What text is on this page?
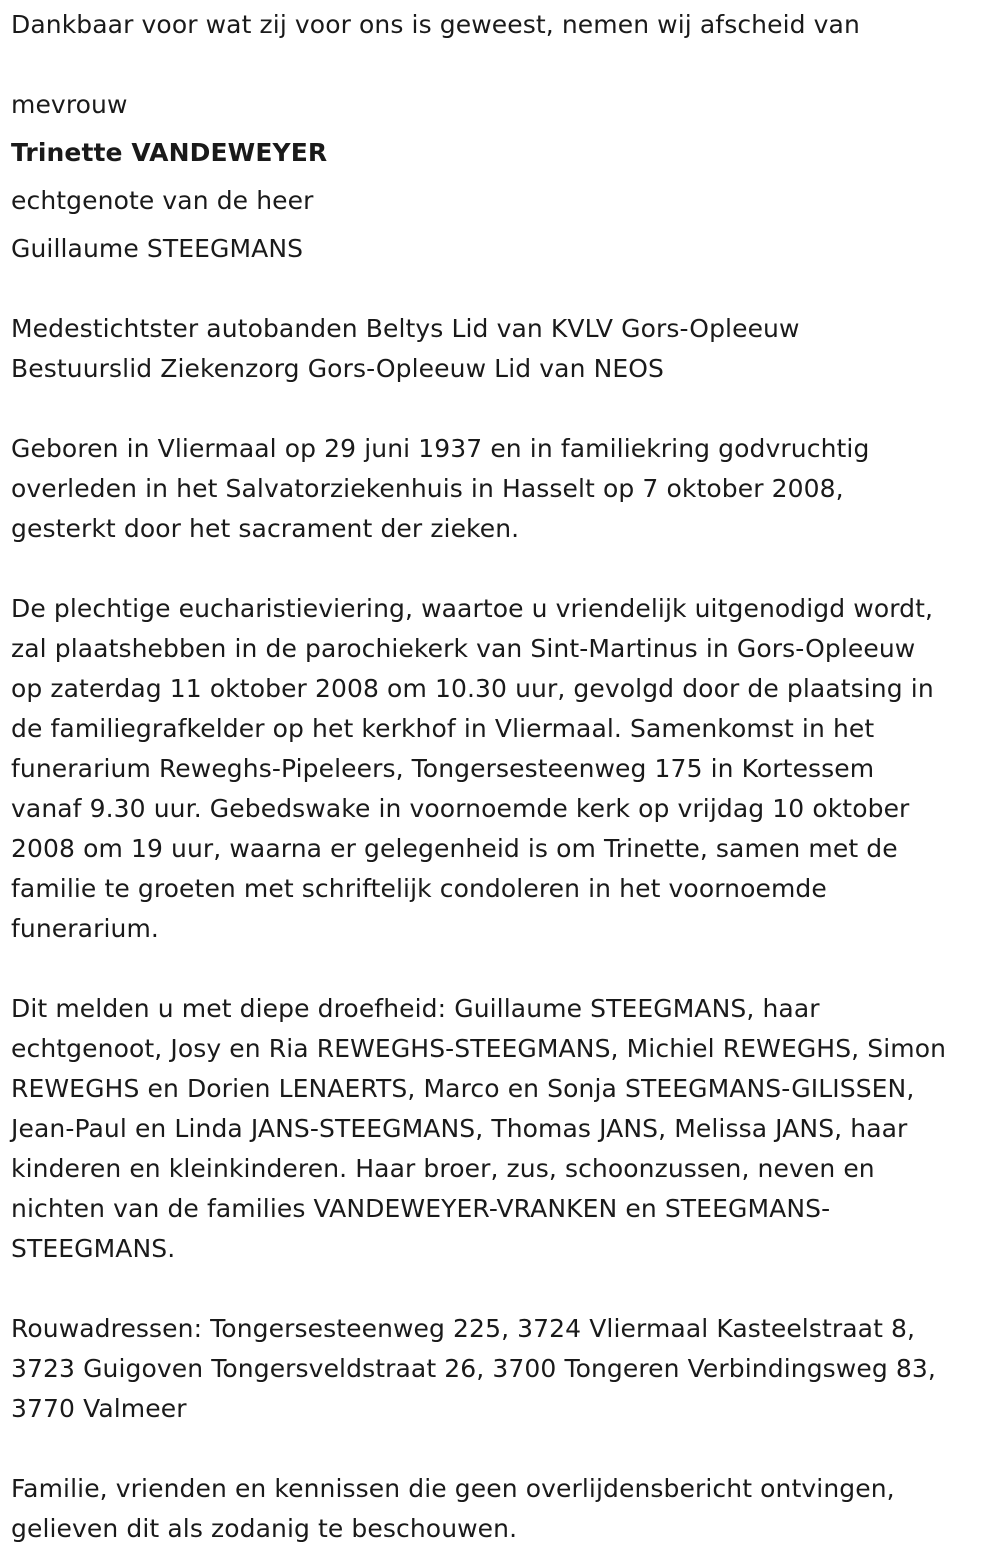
Dankbaar voor wat zij voor ons is geweest, nemen wij afscheid van
mevrouw
Trinette VANDEWEYER
echtgenote van de heer
Guillaume STEEGMANS
Medestichtster autobanden Beltys Lid van KVLV Gors-Opleeuw
Bestuurslid Ziekenzorg Gors-Opleeuw Lid van NEOS
Geboren in Vliermaal op 29 juni 1937 en in familiekring godvruchtig
overleden in het Salvatorziekenhuis in Hasselt op 7 oktober 2008,
gesterkt door het sacrament der zieken.
De plechtige eucharistieviering, waartoe u vriendelijk uitgenodigd wordt,
zal plaatshebben in de parochiekerk van Sint-Martinus in Gors-Opleeuw
op zaterdag 11 oktober 2008 om 10.30 uur, gevolgd door de plaatsing in
de familiegrafkelder op het kerkhof in Vliermaal. Samenkomst in het
funerarium Reweghs-Pipeleers, Tongersesteenweg 175 in Kortessem
vanaf 9.30 uur. Gebedswake in voornoemde kerk op vrijdag 10 oktober
2008 om 19 uur, waarna er gelegenheid is om Trinette, samen met de
familie te groeten met schriftelijk condoleren in het voornoemde
funerarium.
Dit melden u met diepe droefheid: Guillaume STEEGMANS, haar
echtgenoot, Josy en Ria REWEGHS-STEEGMANS, Michiel REWEGHS, Simon
REWEGHS en Dorien LENAERTS, Marco en Sonja STEEGMANS-GILISSEN,
Jean-Paul en Linda JANS-STEEGMANS, Thomas JANS, Melissa JANS, haar
kinderen en kleinkinderen. Haar broer, zus, schoonzussen, neven en
nichten van de families VANDEWEYER-VRANKEN en STEEGMANS-
STEEGMANS.
Rouwadressen: Tongersesteenweg 225, 3724 Vliermaal Kasteelstraat 8,
3723 Guigoven Tongersveldstraat 26, 3700 Tongeren Verbindingsweg 83,
3770 Valmeer
Familie, vrienden en kennissen die geen overlijdensbericht ontvingen,
gelieven dit als zodanig te beschouwen.
